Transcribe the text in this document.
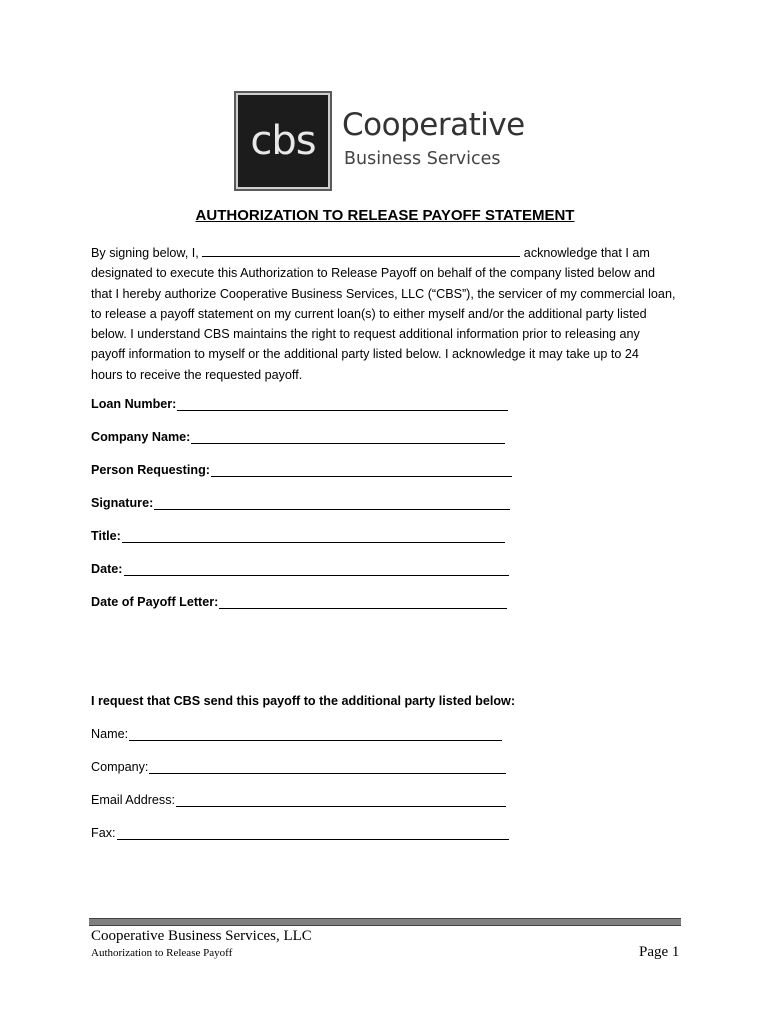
cbs Cooperative
Business Services
AUTHORIZATION TO RELEASE PAYOFF STATEMENT
By signing below, I,	acknowledge that I am
designated to execute this Authorization to Release Payoff on behalf of the company listed below and
that I hereby authorize Cooperative Business Services, LLC (“CBS”), the servicer of my commercial loan,
to release a payoff statement on my current loan(s) to either myself and/or the additional party listed
below. I understand CBS maintains the right to request additional information prior to releasing any
payoff information to myself or the additional party listed below. I acknowledge it may take up to 24
hours to receive the requested payoff.
Loan Number:
Company Name:
Person Requesting:
Signature:
Title:
Date:
Date of Payoff Letter:
I request that CBS send this payoff to the additional party listed below:
Name:
Company:
Email Address:
Fax:
Cooperative Business Services, LLC
Authorization to Release Payoff	Page 1
